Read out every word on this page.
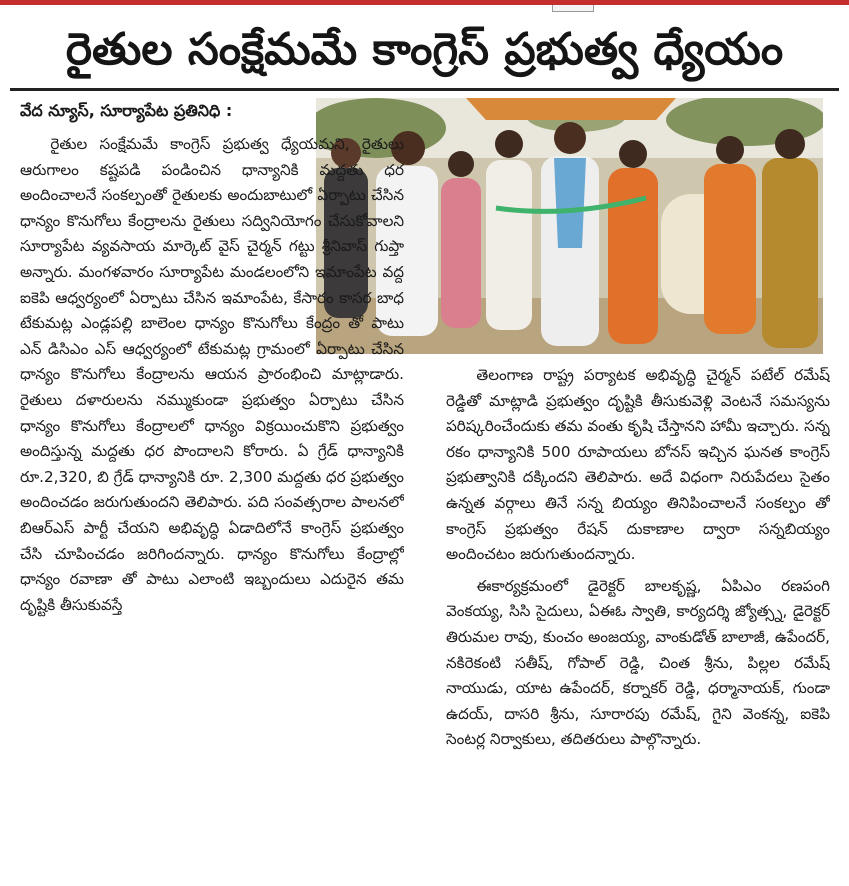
రైతుల సంక్షేమమే కాంగ్రెస్ ప్రభుత్వ ధ్యేయం
వేద న్యూస్, సూర్యాపేట ప్రతినిధి :

రైతుల సంక్షేమమే కాంగ్రెస్ ప్రభుత్వ ధ్యేయమని, రైతులు ఆరుగాలం కష్టపడి పండించిన ధాన్యానికి మద్దతు ధర అందించాలనే సంకల్పంతో రైతులకు అందుబాటులో ఏర్పాటు చేసిన ధాన్యం కొనుగోలు కేంద్రాలను రైతులు సద్వినియోగం చేసుకోవాలని సూర్యాపేట వ్యవసాయ మార్కెట్ వైస్ చైర్మన్ గట్టు శ్రీనివాస్ గుప్తా అన్నారు. మంగళవారం సూర్యాపేట మండలంలోని ఇమాంపేట వద్ద ఐకెపి ఆధ్వర్యంలో ఏర్పాటు చేసిన ఇమాంపేట, కేసారం కాసర బాధ టేకుమట్ల ఎండ్లపల్లి బాలెంల ధాన్యం కొనుగోలు కేంద్రం తో పాటు ఎన్ డిసిఎం ఎస్ ఆధ్వర్యంలో టేకుమట్ల గ్రామంలో ఏర్పాటు చేసిన ధాన్యం కొనుగోలు కేంద్రాలను ఆయన ప్రారంభించి మాట్లాడారు. రైతులు దళారులను నమ్ముకుండా ప్రభుత్వం ఏర్పాటు చేసిన ధాన్యం కొనుగోలు కేంద్రాలలో ధాన్యం విక్రయించుకొని ప్రభుత్వం అందిస్తున్న మద్దతు ధర పొందాలని కోరారు. ఏ గ్రేడ్ ధాన్యానికి రూ.2,320, బి గ్రేడ్ ధాన్యానికి రూ. 2,300 మద్దతు ధర ప్రభుత్వం అందించడం జరుగుతుందని తెలిపారు. పది సంవత్సరాల పాలనలో బిఆర్ఎస్ పార్టీ చేయని అభివృద్ధి ఏడాదిలోనే కాంగ్రెస్ ప్రభుత్వం చేసి చూపించడం జరిగిందన్నారు. ధాన్యం కొనుగోలు కేంద్రాల్లో ధాన్యం రవాణా తో పాటు ఎలాంటి ఇబ్బందులు ఎదురైన తమ దృష్టికి తీసుకువస్తే

తెలంగాణ రాష్ట్ర పర్యాటక అభివృద్ధి చైర్మన్ పటేల్ రమేష్ రెడ్డితో మాట్లాడి ప్రభుత్వం దృష్టికి తీసుకువెళ్లి వెంటనే సమస్యను పరిష్కరించేందుకు తమ వంతు కృషి చేస్తానని హామీ ఇచ్చారు. సన్న రకం ధాన్యానికి 500 రూపాయలు బోనస్ ఇచ్చిన ఘనత కాంగ్రెస్ ప్రభుత్వానికి దక్కిందని తెలిపారు. అదే విధంగా నిరుపేదలు సైతం ఉన్నత వర్గాలు తినే సన్న బియ్యం తినిపించాలనే సంకల్పం తో కాంగ్రెస్ ప్రభుత్వం రేషన్ దుకాణాల ద్వారా సన్నబియ్యం అందించటం జరుగుతుందన్నారు.

ఈకార్యక్రమంలో డైరెక్టర్ బాలకృష్ణ, ఏపిఎం రణపంగి వెంకయ్య, సిసి సైదులు, ఏఈఓ స్వాతి, కార్యదర్శి జ్యోత్స్న, డైరెక్టర్ తిరుమల రావు, కుంచం అంజయ్య, వాంకుడోత్ బాలాజీ, ఉపేందర్, నకిరెకంటి సతీష్, గోపాల్ రెడ్డి, చింత శ్రీను, పిల్లల రమేష్ నాయుడు, యాట ఉపేందర్, కర్నాకర్ రెడ్డి, ధర్మానాయక్, గుండా ఉదయ్, దాసరి శ్రీను, సూరారపు రమేష్, గైని వెంకన్న, ఐకెపి సెంటర్ల నిర్వాకులు, తదితరులు పాల్గొన్నారు.
